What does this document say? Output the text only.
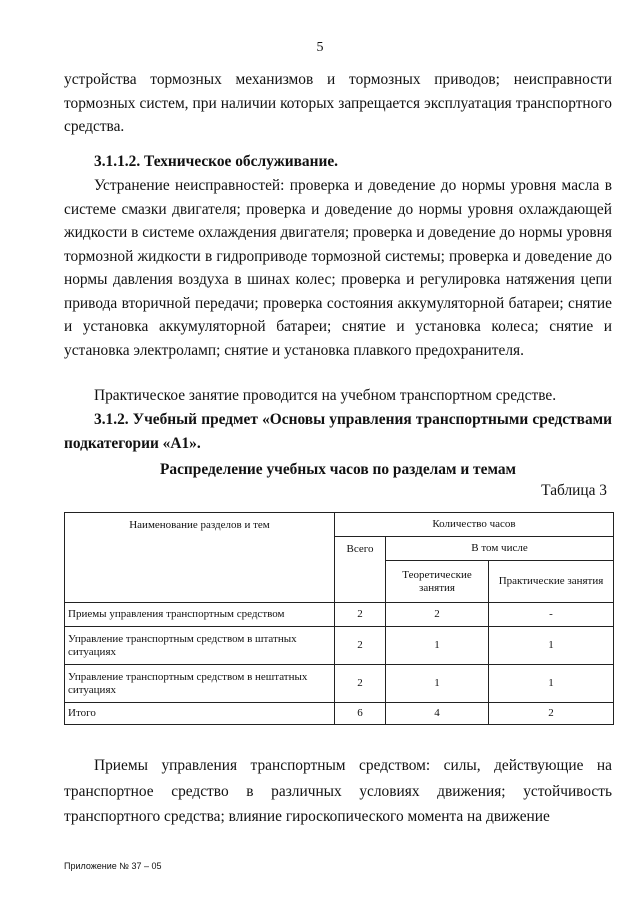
5

устройства тормозных механизмов и тормозных приводов; неисправности тормозных систем, при наличии которых запрещается эксплуатация транспортного средства.

3.1.1.2. Техническое обслуживание.

Устранение неисправностей: проверка и доведение до нормы уровня масла в системе смазки двигателя; проверка и доведение до нормы уровня охлаждающей жидкости в системе охлаждения двигателя; проверка и доведение до нормы уровня тормозной жидкости в гидроприводе тормозной системы; проверка и доведение до нормы давления воздуха в шинах колес; проверка и регулировка натяжения цепи привода вторичной передачи; проверка состояния аккумуляторной батареи; снятие и установка аккумуляторной батареи; снятие и установка колеса; снятие и установка электроламп; снятие и установка плавкого предохранителя.

Практическое занятие проводится на учебном транспортном средстве.

3.1.2. Учебный предмет «Основы управления транспортными средствами подкатегории «А1».

Распределение учебных часов по разделам и темам

Таблица 3
Наименование разделов и тем	Количество часов		
	Всего	В том числе	
		Теоретические занятия	Практические занятия
Приемы управления транспортным средством	2	2	-
Управление транспортным средством в штатных ситуациях	2	1	1
Управление транспортным средством в нештатных ситуациях	2	1	1
Итого	6	4	2

Приемы управления транспортным средством: силы, действующие на транспортное средство в различных условиях движения; устойчивость транспортного средства; влияние гироскопического момента на движение

Приложение № 37 – 05
